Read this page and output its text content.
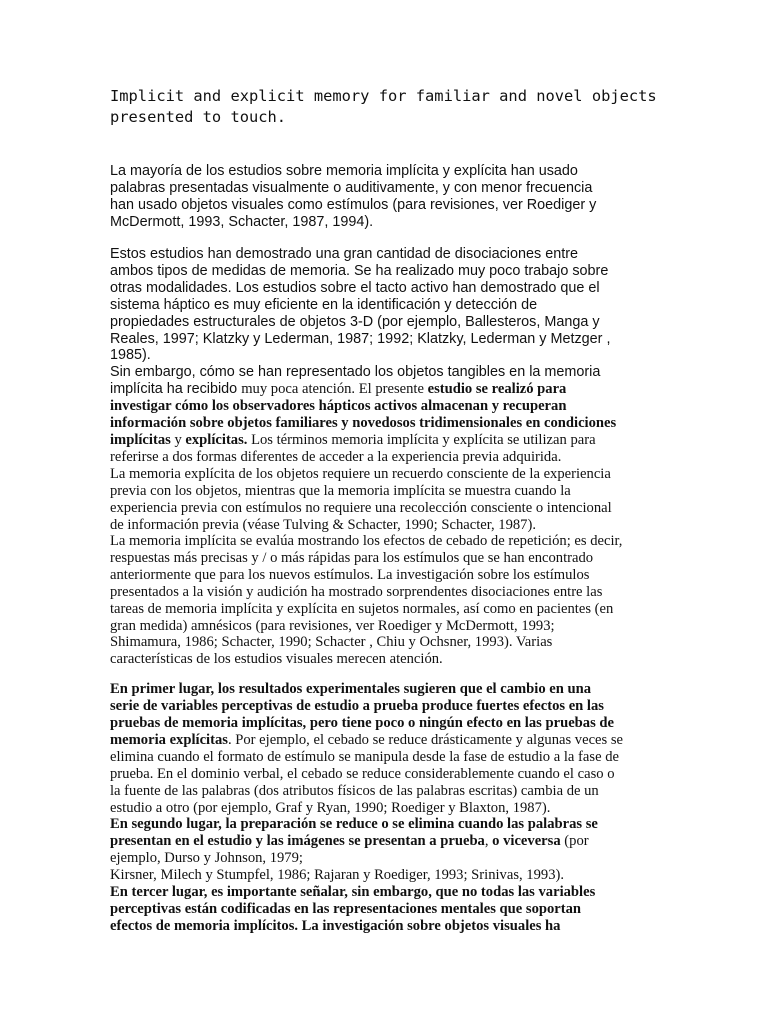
Implicit and explicit memory for familiar and novel objects
presented to touch.
La mayoría de los estudios sobre memoria implícita y explícita han usado
palabras presentadas visualmente o auditivamente, y con menor frecuencia
han usado objetos visuales como estímulos (para revisiones, ver Roediger y
McDermott, 1993, Schacter, 1987, 1994).
Estos estudios han demostrado una gran cantidad de disociaciones entre
ambos tipos de medidas de memoria. Se ha realizado muy poco trabajo sobre
otras modalidades. Los estudios sobre el tacto activo han demostrado que el
sistema háptico es muy eficiente en la identificación y detección de
propiedades estructurales de objetos 3-D (por ejemplo, Ballesteros, Manga y
Reales, 1997; Klatzky y Lederman, 1987; 1992; Klatzky, Lederman y Metzger ,
1985).
Sin embargo, cómo se han representado los objetos tangibles en la memoria
implícita ha recibido muy poca atención. El presente estudio se realizó para
investigar cómo los observadores hápticos activos almacenan y recuperan
información sobre objetos familiares y novedosos tridimensionales en condiciones
implícitas y explícitas. Los términos memoria implícita y explícita se utilizan para
referirse a dos formas diferentes de acceder a la experiencia previa adquirida.
La memoria explícita de los objetos requiere un recuerdo consciente de la experiencia
previa con los objetos, mientras que la memoria implícita se muestra cuando la
experiencia previa con estímulos no requiere una recolección consciente o intencional
de información previa (véase Tulving & Schacter, 1990; Schacter, 1987).
La memoria implícita se evalúa mostrando los efectos de cebado de repetición; es decir,
respuestas más precisas y / o más rápidas para los estímulos que se han encontrado
anteriormente que para los nuevos estímulos. La investigación sobre los estímulos
presentados a la visión y audición ha mostrado sorprendentes disociaciones entre las
tareas de memoria implícita y explícita en sujetos normales, así como en pacientes (en
gran medida) amnésicos (para revisiones, ver Roediger y McDermott, 1993;
Shimamura, 1986; Schacter, 1990; Schacter , Chiu y Ochsner, 1993). Varias
características de los estudios visuales merecen atención.
En primer lugar, los resultados experimentales sugieren que el cambio en una
serie de variables perceptivas de estudio a prueba produce fuertes efectos en las
pruebas de memoria implícitas, pero tiene poco o ningún efecto en las pruebas de
memoria explícitas. Por ejemplo, el cebado se reduce drásticamente y algunas veces se
elimina cuando el formato de estímulo se manipula desde la fase de estudio a la fase de
prueba. En el dominio verbal, el cebado se reduce considerablemente cuando el caso o
la fuente de las palabras (dos atributos físicos de las palabras escritas) cambia de un
estudio a otro (por ejemplo, Graf y Ryan, 1990; Roediger y Blaxton, 1987).
En segundo lugar, la preparación se reduce o se elimina cuando las palabras se
presentan en el estudio y las imágenes se presentan a prueba, o viceversa (por
ejemplo, Durso y Johnson, 1979;
Kirsner, Milech y Stumpfel, 1986; Rajaran y Roediger, 1993; Srinivas, 1993).
En tercer lugar, es importante señalar, sin embargo, que no todas las variables
perceptivas están codificadas en las representaciones mentales que soportan
efectos de memoria implícitos. La investigación sobre objetos visuales ha
